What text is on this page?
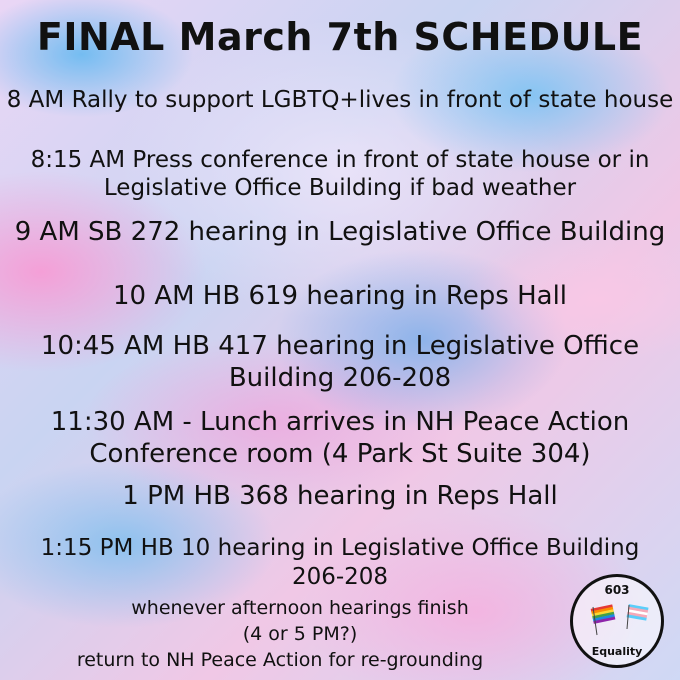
FINAL March 7th SCHEDULE
8 AM Rally to support LGBTQ+lives in front of state house
8:15 AM Press conference in front of state house or in
Legislative Office Building if bad weather
9 AM SB 272 hearing in Legislative Office Building
10 AM HB 619 hearing in Reps Hall
10:45 AM HB 417 hearing in Legislative Office
Building 206-208
11:30 AM - Lunch arrives in NH Peace Action
Conference room (4 Park St Suite 304)
1 PM HB 368 hearing in Reps Hall
1:15 PM HB 10 hearing in Legislative Office Building
206-208
whenever afternoon hearings finish
(4 or 5 PM?)
return to NH Peace Action for re-grounding
603
Equality
